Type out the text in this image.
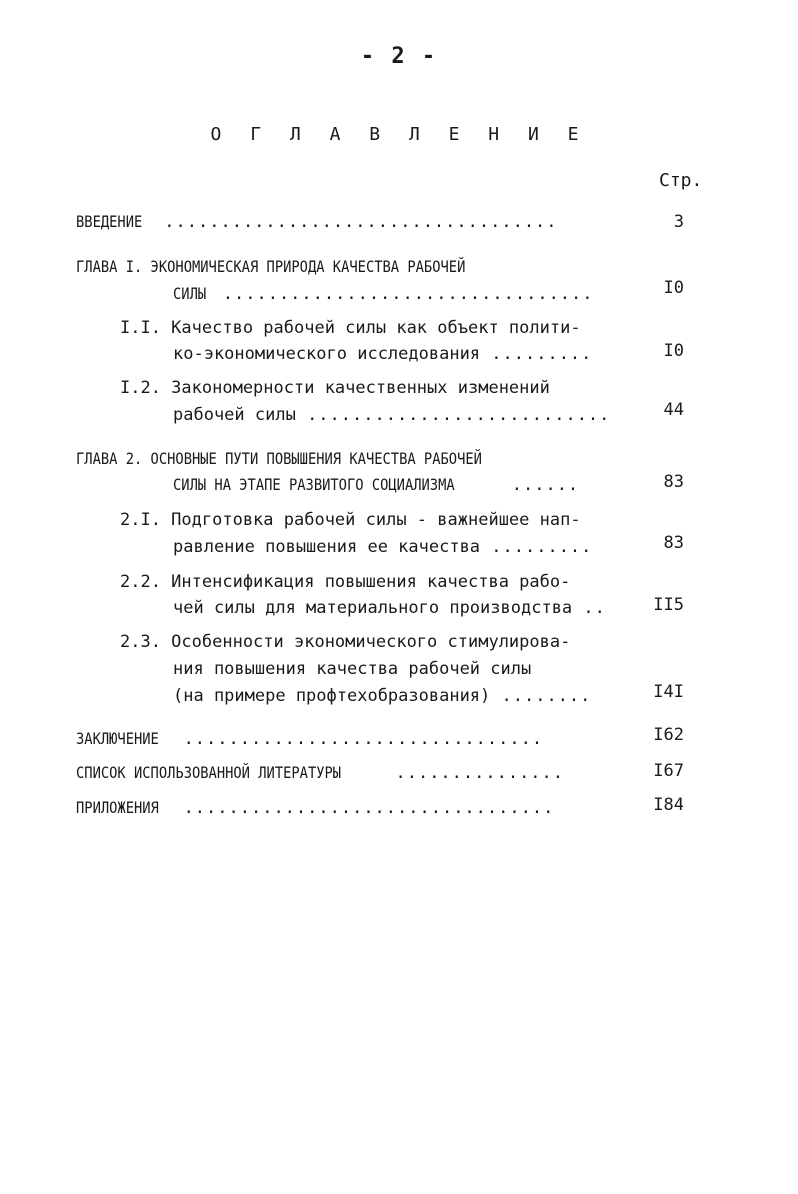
- 2 -
О Г Л А В Л Е Н И Е
Стр.
ВВЕДЕНИЕ ...................................	3
ГЛАВА I. ЭКОНОМИЧЕСКАЯ ПРИРОДА КАЧЕСТВА РАБОЧЕЙ
СИЛЫ .................................	I0
I.I. Качество рабочей силы как объект полити-
ко-экономического исследования .........	I0
I.2. Закономерности качественных изменений
рабочей силы ...........................	44
ГЛАВА 2. ОСНОВНЫЕ ПУТИ ПОВЫШЕНИЯ КАЧЕСТВА РАБОЧЕЙ
СИЛЫ НА ЭТАПЕ РАЗВИТОГО СОЦИАЛИЗМА	......	83
2.I. Подготовка рабочей силы - важнейшее нап-
равление повышения ее качества .........	83
2.2. Интенсификация повышения качества рабо-
чей силы для материального производства ..	II5
2.3. Особенности экономического стимулирова-
ния повышения качества рабочей силы
(на примере профтехобразования) ........	I4I
ЗАКЛЮЧЕНИЕ ................................	I62
СПИСОК ИСПОЛЬЗОВАННОЙ ЛИТЕРАТУРЫ	...............	I67
ПРИЛОЖЕНИЯ .................................	I84
